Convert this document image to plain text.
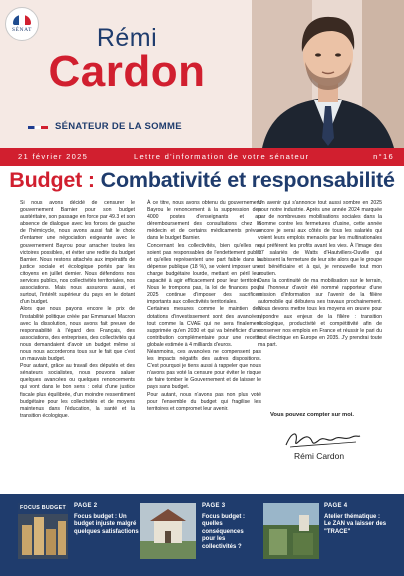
SÉNAT	Rémi
Cardon
SÉNATEUR DE LA SOMME
21 février 2025	Lettre d'information de votre sénateur	n°16
Budget : Combativité et responsabilité

Si nous avons décidé de censurer le gouvernement Barnier pour son budget austéritaire, son passage en force par 49.3 et son absence de dialogue avec les forces de gauche de l'hémicycle, nous avons aussi fait le choix d'entamer une négociation exigeante avec le gouvernement Bayrou pour arracher toutes les victoires possibles, et éviter une redite du budget Barnier. Nous restons attachés aux impératifs de justice sociale et écologique portés par les citoyens en juillet dernier. Nous défendons nos services publics, nos collectivités territoriales, nos associations. Mais nous assurons aussi, et surtout, l'intérêt supérieur du pays en le dotant d'un budget.

Alors que nous payons encore le prix de l'instabilité politique créée par Emmanuel Macron avec la dissolution, nous avons fait preuve de responsabilité à l'égard des Français, des associations, des entreprises, des collectivités qui nous demandaient d'avoir un budget même si nous nous accorderons tous sur le fait que c'est un mauvais budget.

Pour autant, grâce au travail des députés et des sénateurs socialistes, nous pouvons saluer quelques avancées ou quelques renoncements qui vont dans le bon sens : celui d'une justice fiscale plus équilibrée, d'un moindre ressentiment budgétaire pour les collectivités et de moyens maintenus dans l'éducation, la santé et la transition écologique.

À ce titre, nous avons obtenu du gouvernement Bayrou le renoncement à la suppression des 4000 postes d'enseignants et au déremboursement des consultations chez le médecin et de certains médicaments prévus dans le budget Barnier.

Concernant les collectivités, bien qu'elles ne soient pas responsables de l'endettement public et qu'elles représentent une part faible dans la dépense publique (18 %), se voient imposer une charge budgétaire lourde, mettant en péril leur capacité à agir efficacement pour leur territoire. Nous le trompons pas, la loi de finances pour 2025 continue d'imposer des sacrifices importants aux collectivités territoriales.

Certaines mesures comme le maintien des dotations d'investissement sont des avancées, tout comme la CVAE qui ne sera finalement supprimée qu'en 2030 et qui va bénéficier d'une contribution complémentaire pour une recette globale estimée à 4 milliards d'euros.

Néanmoins, ces avancées ne compensent pas les impacts négatifs des autres dispositions. C'est pourquoi je tiens aussi à rappeler que nous n'avons pas voté la censure pour éviter le risque de faire tomber le Gouvernement et de laisser le pays sans budget.

Pour autant, nous n'avons pas non plus voté pour l'ensemble du budget qui fragilise les territoires et compromet leur avenir.

Un avenir qui s'annonce tout aussi sombre en 2025 pour notre industrie. Après une année 2024 marquée par de nombreuses mobilisations sociales dans la Somme contre les fermetures d'usine, cette année encore je serai aux côtés de tous les salariés qui voient leurs emplois menacés par les multinationales qui préfèrent les profits avant les vies. À l'image des 97 salariés de Watts d'Hautvillers-Ouville qui subissent la fermeture de leur site alors que le groupe est bénéficiaire et à qui, je renouvelle tout mon soutien.

Dans la continuité de ma mobilisation sur le terrain, j'ai l'honneur d'avoir été nommé rapporteur d'une mission d'information sur l'avenir de la filière automobile qui débutera ses travaux prochainement. Nous devons mettre tous les moyens en œuvre pour répondre aux enjeux de la filière : transition écologique, productivité et compétitivité afin de conserver nos emplois en France et réussir le pari du tout électrique en Europe en 2035. J'y prendrai toute ma part.

Vous pouvez compter sur moi.
Rémi Cardon
FOCUS BUDGET PAGE 2
Focus budget : Un budget injuste malgré quelques satisfactions
PAGE 3
Focus budget : quelles conséquences pour les collectivités ?
PAGE 4
Atelier thématique : Le ZAN va laisser des "TRACE"
